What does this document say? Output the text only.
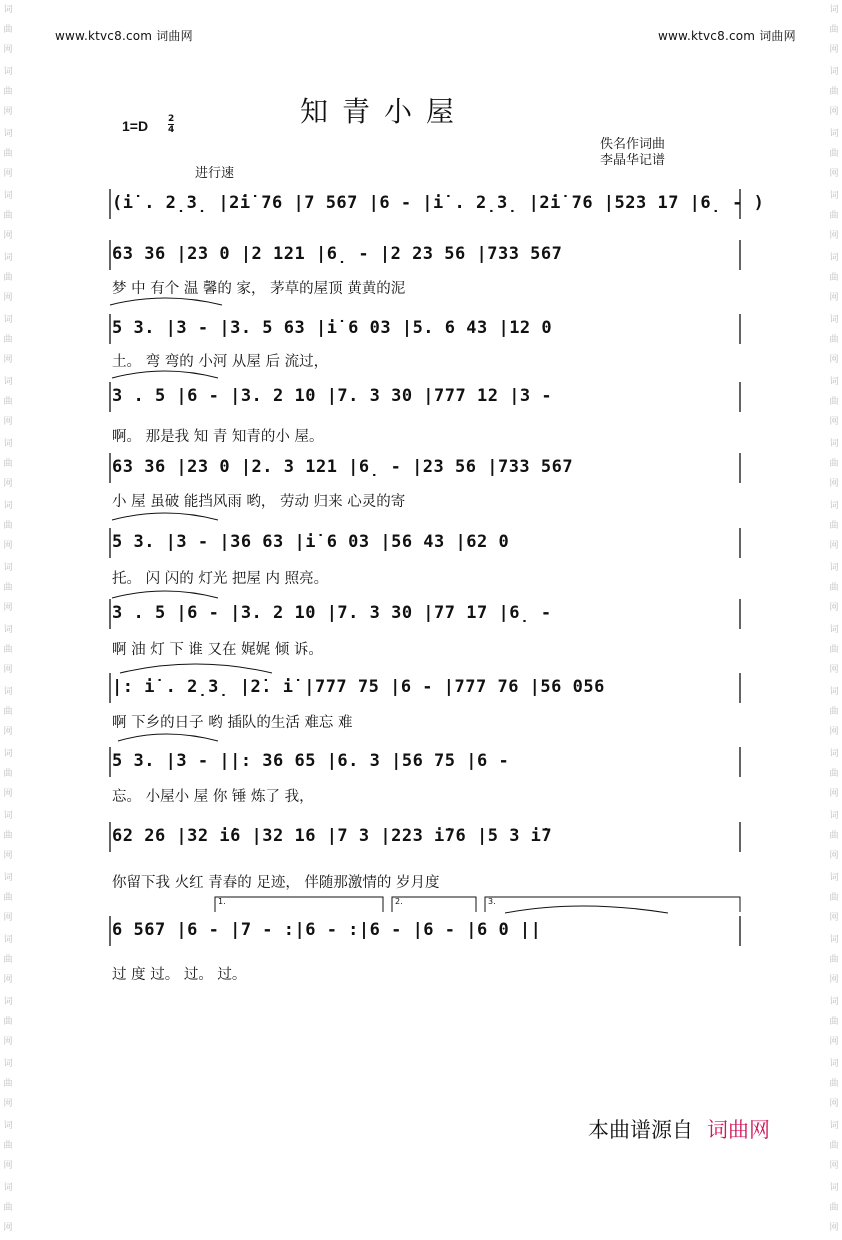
词
曲
网
词
曲
网
词
曲
网
词
曲
网
词
曲
网
词
曲
网
词
曲
网
词
曲
网
词
曲
网
词
曲
网
词
曲
网
词
曲
网
词
曲
网
词
曲
网
词
曲
网
词
曲
网
词
曲
网
词
曲
网
词
曲
网
词
曲
网
词
曲
网
词
曲
网
词
曲
网
词
曲
网
词
曲
网
词
曲
网
词
曲
网
词
曲
网
词
曲
网
词
曲
网
词
曲
网
词
曲
网
词
曲
网
词
曲
网
词
曲
网
词
曲
网
词
曲
网
词
曲
网
词
曲
网
词
曲
网
www.ktvc8.com 词曲网	www.ktvc8.com 词曲网
知青小屋
$1=D \frac{2}{4}$
佚名作词曲
李晶华记谱
进行速
(i̇ . 2̣3̣ |2̇i̇ 76 |7 567 |6 - |i̇ . 2̣3̣ |2̇i̇ 76 |523 17 |6̣ - )
63 36 |23 0 |2 121 |6̣ - |2 23 56 |733 567
梦 中 有个 温 馨的 家， 茅草的屋顶 黄黄的泥
5 3. |3 - |3. 5 63 |i̇ 6 03 |5. 6 43 |12 0
土。 弯 弯的 小河 从屋 后 流过，
3 . 5 |6 - |3. 2 10 |7. 3 30 |777 12 |3 -
啊。 那是我 知 青 知青的小 屋。
63 36 |23 0 |2. 3 121 |6̣ - |23 56 |733 567
小 屋 虽破 能挡风雨 哟， 劳动 归来 心灵的寄
5 3. |3 - |36 63 |i̇ 6 03 |56 43 |62 0
托。 闪 闪的 灯光 把屋 内 照亮。
3 . 5 |6 - |3. 2 10 |7. 3 30 |77 17 |6̣ -
啊 油 灯 下 谁 又在 娓娓 倾 诉。
|: i̇ . 2̣3̣ |2̇. i̇ |777 75 |6 - |777 76 |56 056
啊 下乡的日子 哟 插队的生活 难忘 难
5 3. |3 - ||: 36 65 |6. 3 |56 75 |6 -
忘。 小屋小 屋 你 锤 炼了 我，
62 26 |32 i̇6 |32 16 |7 3 |223 i̇76 |5 3 i̇7
你留下我 火红 青春的 足迹， 伴随那激情的 岁月度
6 567 |6 - |7 - :|6 - :|6 - |6 - |6 0 ||
过 度 过。 过。 过。
1.	2.	3.
本曲谱源自 词曲网
